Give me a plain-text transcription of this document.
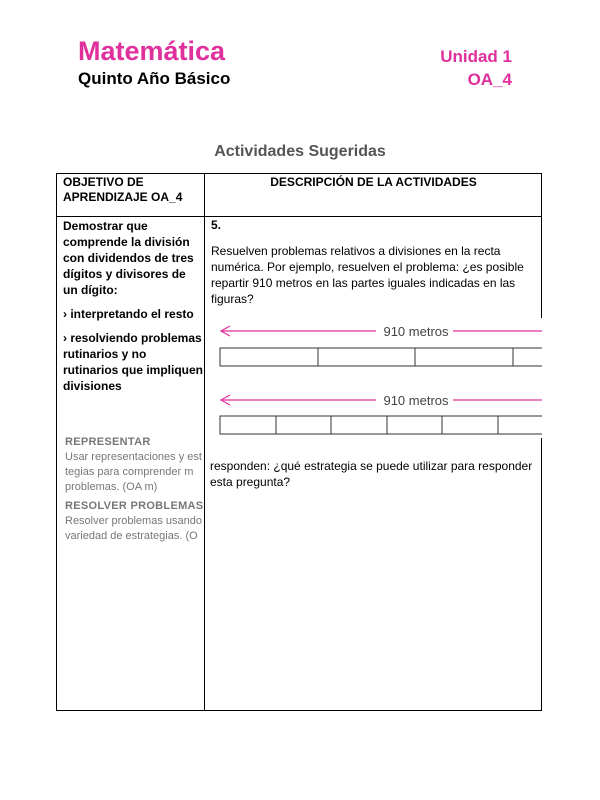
Matemática
Quinto Año Básico
Unidad 1
OA_4
Actividades Sugeridas
OBJETIVO DE APRENDIZAJE OA_4
DESCRIPCIÓN DE LA ACTIVIDADES

Demostrar que comprende la división con dividendos de tres dígitos y divisores de un dígito:

› interpretando el resto

› resolviendo problemas rutinarios y no rutinarios que impliquen divisiones

5.
Resuelven problemas relativos a divisiones en la recta numérica. Por ejemplo, resuelven el problema: ¿es posible repartir 910 metros en las partes iguales indicadas en las figuras?
910 metros
910 metros

REPRESENTAR

Usar representaciones y est
tegias para comprender m
problemas. (OA m)

RESOLVER PROBLEMAS

Resolver problemas usando
variedad de estrategias. (O

responden: ¿qué estrategia se puede utilizar para responder esta pregunta?
